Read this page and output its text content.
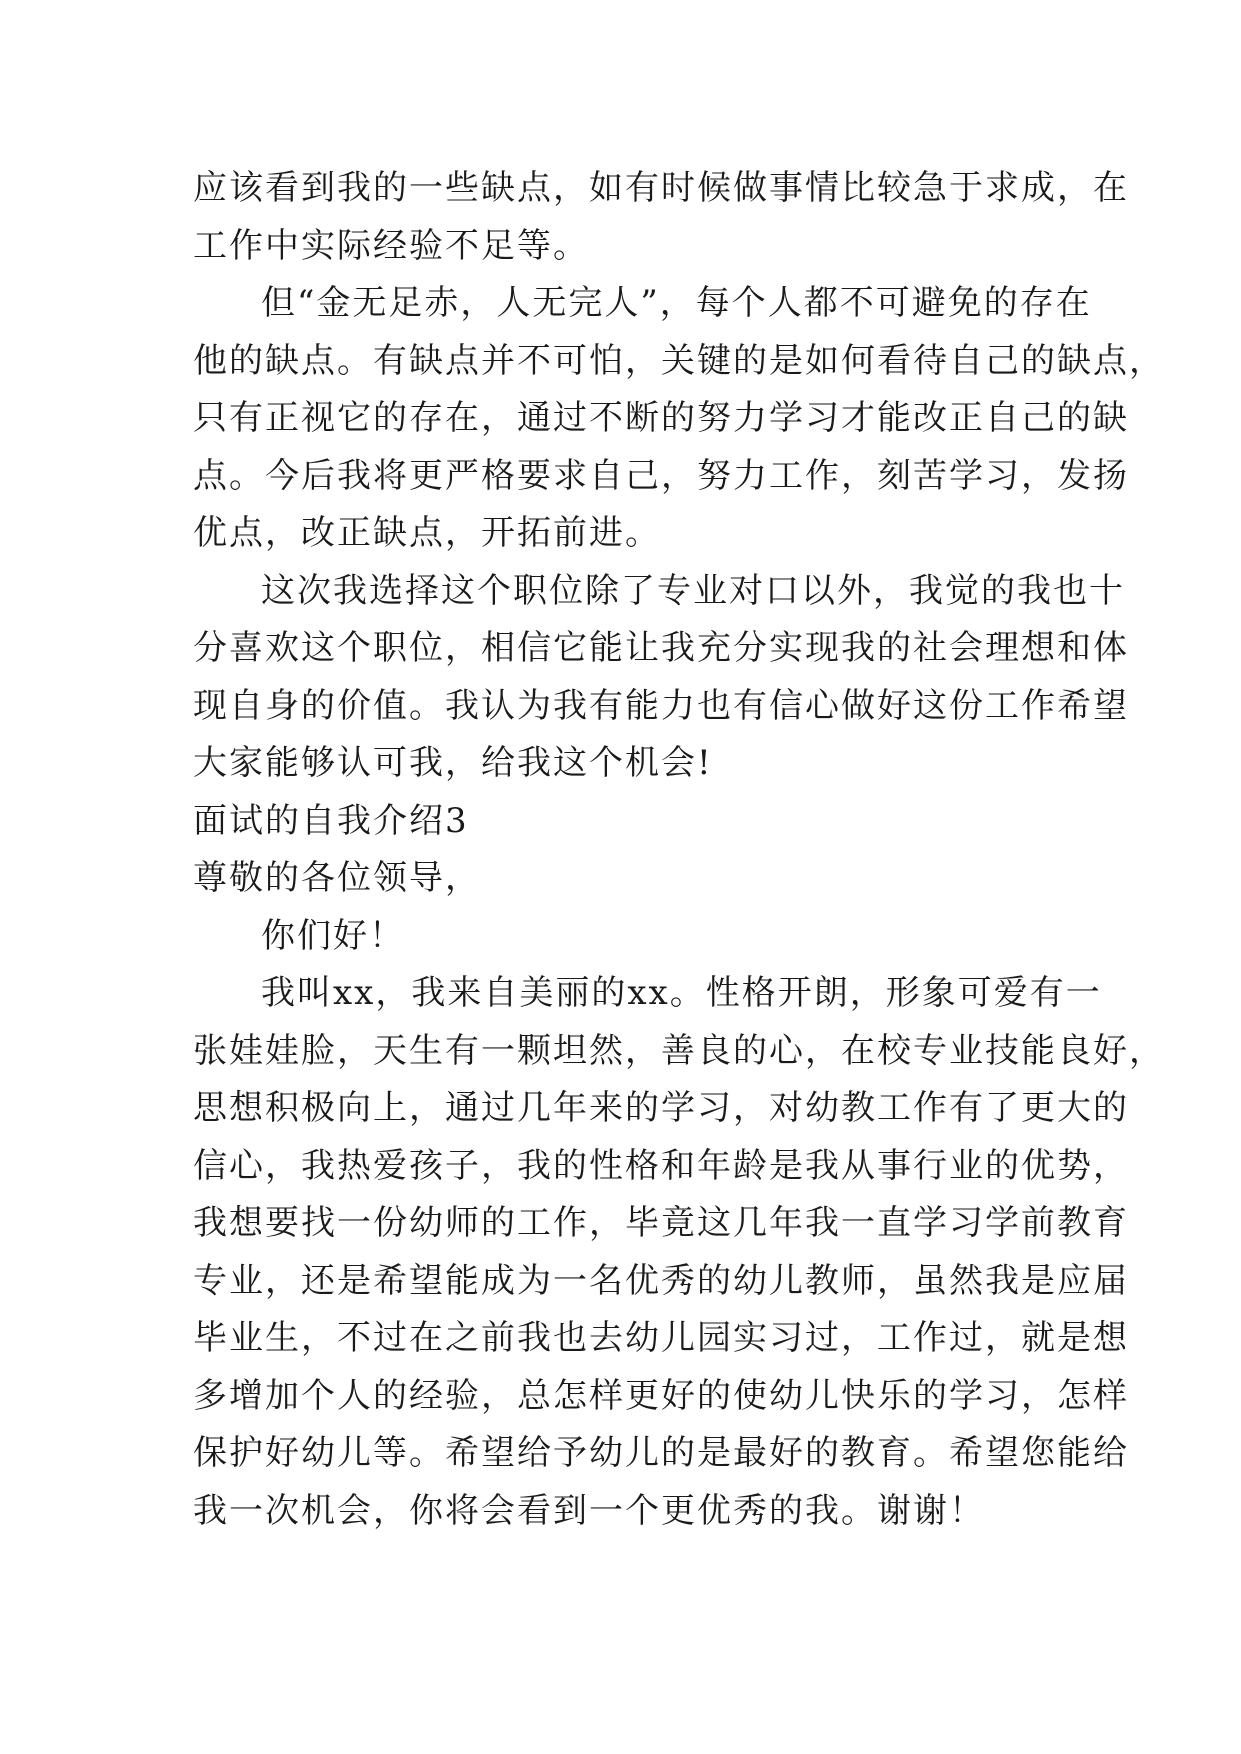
应该看到我的一些缺点，如有时候做事情比较急于求成，在
工作中实际经验不足等。
但“金无足赤，人无完人”，每个人都不可避免的存在
他的缺点。有缺点并不可怕，关键的是如何看待自己的缺点，
只有正视它的存在，通过不断的努力学习才能改正自己的缺
点。今后我将更严格要求自己，努力工作，刻苦学习，发扬
优点，改正缺点，开拓前进。
这次我选择这个职位除了专业对口以外，我觉的我也十
分喜欢这个职位，相信它能让我充分实现我的社会理想和体
现自身的价值。我认为我有能力也有信心做好这份工作希望
大家能够认可我，给我这个机会!
面试的自我介绍3
尊敬的各位领导，
你们好！
我叫xx，我来自美丽的xx。性格开朗，形象可爱有一
张娃娃脸，天生有一颗坦然，善良的心，在校专业技能良好，
思想积极向上，通过几年来的学习，对幼教工作有了更大的
信心，我热爱孩子，我的性格和年龄是我从事行业的优势，
我想要找一份幼师的工作，毕竟这几年我一直学习学前教育
专业，还是希望能成为一名优秀的幼儿教师，虽然我是应届
毕业生，不过在之前我也去幼儿园实习过，工作过，就是想
多增加个人的经验，总怎样更好的使幼儿快乐的学习，怎样
保护好幼儿等。希望给予幼儿的是最好的教育。希望您能给
我一次机会，你将会看到一个更优秀的我。谢谢！
